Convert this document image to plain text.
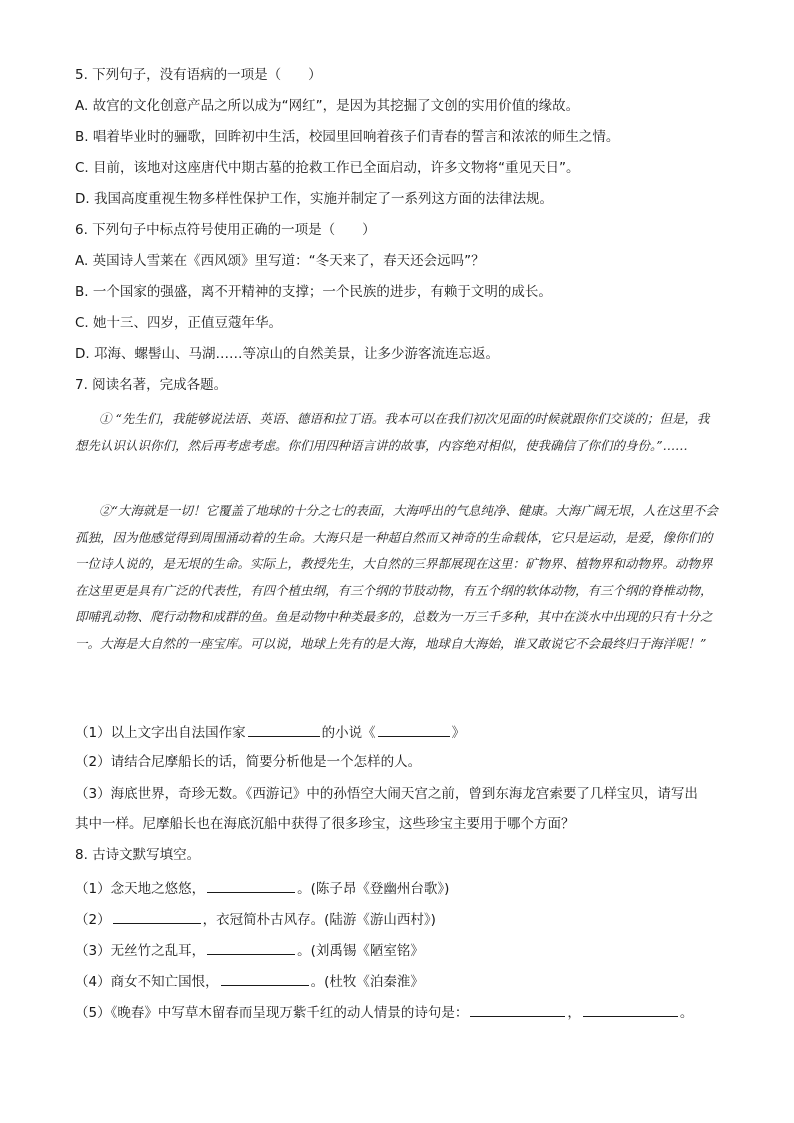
5. 下列句子，没有语病的一项是（　　）
A. 故宫的文化创意产品之所以成为“网红”，是因为其挖掘了文创的实用价值的缘故。
B. 唱着毕业时的骊歌，回眸初中生活，校园里回响着孩子们青春的誓言和浓浓的师生之情。
C. 目前，该地对这座唐代中期古墓的抢救工作已全面启动，许多文物将“重见天日”。
D. 我国高度重视生物多样性保护工作，实施并制定了一系列这方面的法律法规。
6. 下列句子中标点符号使用正确的一项是（　　）
A. 英国诗人雪莱在《西风颂》里写道：“冬天来了，春天还会远吗”？
B. 一个国家的强盛，离不开精神的支撑；一个民族的进步，有赖于文明的成长。
C. 她十三、四岁，正值豆蔻年华。
D. 邛海、螺髻山、马湖……等凉山的自然美景，让多少游客流连忘返。
7. 阅读名著，完成各题。

① “先生们，我能够说法语、英语、德语和拉丁语。我本可以在我们初次见面的时候就跟你们交谈的；但是，我想先认识认识你们，然后再考虑考虑。你们用四种语言讲的故事，内容绝对相似，使我确信了你们的身份。”……

②“大海就是一切！它覆盖了地球的十分之七的表面，大海呼出的气息纯净、健康。大海广阔无垠，人在这里不会孤独，因为他感觉得到周围涌动着的生命。大海只是一种超自然而又神奇的生命载体，它只是运动，是爱，像你们的一位诗人说的，是无垠的生命。实际上，教授先生，大自然的三界都展现在这里：矿物界、植物界和动物界。动物界在这里更是具有广泛的代表性，有四个植虫纲，有三个纲的节肢动物，有五个纲的软体动物，有三个纲的脊椎动物，即哺乳动物、爬行动物和成群的鱼。鱼是动物中种类最多的，总数为一万三千多种，其中在淡水中出现的只有十分之一。大海是大自然的一座宝库。可以说，地球上先有的是大海，地球自大海始，谁又敢说它不会最终归于海洋呢！”

（1）以上文字出自法国作家	的小说《	》
（2）请结合尼摩船长的话，简要分析他是一个怎样的人。
（3）海底世界，奇珍无数。《西游记》中的孙悟空大闹天宫之前，曾到东海龙宫索要了几样宝贝，请写出
其中一样。尼摩船长也在海底沉船中获得了很多珍宝，这些珍宝主要用于哪个方面？
8. 古诗文默写填空。
（1）念天地之悠悠，	。(陈子昂《登幽州台歌》)
（2）	，衣冠简朴古风存。(陆游《游山西村》)
（3）无丝竹之乱耳，	。(刘禹锡《陋室铭》
（4）商女不知亡国恨，	。(杜牧《泊秦淮》
（5）《晚春》中写草木留春而呈现万紫千红的动人情景的诗句是：	，	。
